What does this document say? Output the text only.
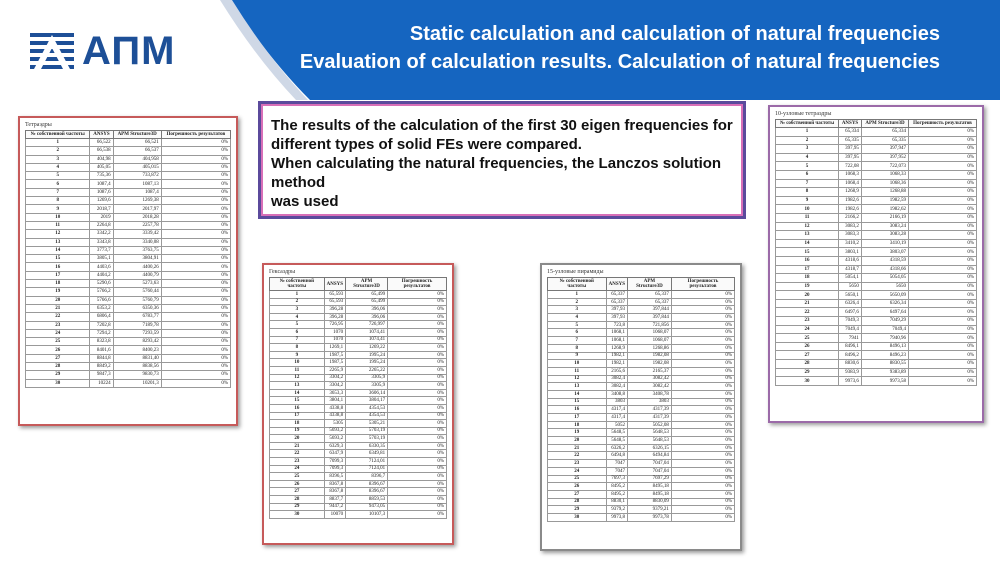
АПМ	Static calculation and calculation of natural frequencies
Evaluation of calculation results. Calculation of natural frequencies
The results of the calculation of the first 30 eigen frequencies for
different types of solid FEs were compared.
When calculating the natural frequencies, the Lanczos solution method
was used
Тетраэдры
№ собственной частоты	ANSYS	APM Structure3D	Погрешность результатов
1	66,522	66,521	0%
2	66,538	66,537	0%
3	404,98	404,958	0%
4	405,05	405,015	0%
5	735,36	733,872	0%
6	1087,4	1087,13	0%
7	1087,6	1087,4	0%
8	1269,6	1269,38	0%
9	2018,7	2017,97	0%
10	2019	2018,28	0%
11	2264,8	2257,78	0%
12	3342,2	3339,42	0%
13	3343,8	3340,08	0%
14	3773,7	3763,75	0%
15	3805,1	3804,91	0%
16	4403,6	4400,26	0%
17	4404,2	4400,79	0%
18	5290,6	5273,63	0%
19	5766,2	5760,44	0%
20	5766,6	5760,79	0%
21	6353,2	6350,36	0%
22	6806,4	6783,77	0%
23	7202,8	7189,78	0%
24	7294,2	7293,59	0%
25	8323,8	8293,42	0%
26	8401,6	8400,23	0%
27	8844,8	8831,40	0%
28	8849,2	8838,56	0%
29	9847,3	9830,73	0%
30	10224	10201,3	0%
Гексаэдры
№ собственной частоты	ANSYS	APM Structure3D	Погрешность результатов
1	65,593	65,499	0%
2	65,593	65,499	0%
3	396,28	396,06	0%
4	396,28	396,06	0%
5	726,95	726,997	0%
6	1070	1074,41	0%
7	1070	1074,41	0%
8	1269,1	1269,22	0%
9	1987,5	1995,24	0%
10	1987,5	1995,24	0%
11	2265,9	2265,22	0%
12	3304,2	3305,9	0%
13	3304,2	3305,9	0%
14	3653,3	3606,14	0%
15	3804,1	3804,17	0%
16	4338,8	4354,53	0%
17	4338,8	4354,53	0%
18	5305	5305,21	0%
19	5693,2	5703,19	0%
20	5693,2	5703,19	0%
21	6329,3	6330,35	0%
22	6347,9	6349,81	0%
23	7099,3	7124,01	0%
24	7099,3	7124,01	0%
25	8396,5	8396,7	0%
26	8367,8	8396,67	0%
27	8367,8	8396,67	0%
28	8837,7	8859,53	0%
29	9447,2	9473,05	0%
30	10070	10107,3	0%
15-узловые пирамиды
№ собственной частоты	ANSYS	APM Structure3D	Погрешность результатов
1	65,337	65,337	0%
2	65,337	65,337	0%
3	397,93	397,844	0%
4	397,93	397,844	0%
5	723,8	721,856	0%
6	1068,1	1068,07	0%
7	1068,1	1068,07	0%
8	1268,9	1268,86	0%
9	1982,1	1982,08	0%
10	1982,1	1982,08	0%
11	2165,6	2165,37	0%
12	3082,4	3082,42	0%
13	3082,4	3082,42	0%
14	3408,8	3408,78	0%
15	3803	3803	0%
16	4317,4	4317,39	0%
17	4317,4	4317,39	0%
18	5052	5052,08	0%
19	5648,5	5648,53	0%
20	5648,5	5648,53	0%
21	6326,2	6326,15	0%
22	6494,8	6494,84	0%
23	7047	7047,04	0%
24	7047	7047,04	0%
25	7697,3	7697,29	0%
26	8495,2	8495,18	0%
27	8495,2	8495,18	0%
28	8830,1	8830,09	0%
29	9379,2	9379,21	0%
30	9973,8	9973,78	0%
10-узловые тетраэдры
№ собственной частоты	ANSYS	APM Structure3D	Погрешность результатов
1	65,334	65,334	0%
2	65,335	65,335	0%
3	397,95	397,947	0%
4	397,95	397,952	0%
5	722,08	722,073	0%
6	1068,3	1068,33	0%
7	1068,4	1068,36	0%
8	1268,9	1268,88	0%
9	1982,6	1982,59	0%
10	1982,6	1982,62	0%
11	2166,2	2166,19	0%
12	3083,2	3083,24	0%
13	3083,3	3083,28	0%
14	3410,2	3410,19	0%
15	3803,1	3803,07	0%
16	4318,6	4318,59	0%
17	4318,7	4318,66	0%
18	5054,1	5054,05	0%
19	5650	5650	0%
20	5650,1	5650,09	0%
21	6326,4	6326,34	0%
22	6497,6	6497,64	0%
23	7049,3	7049,29	0%
24	7049,4	7049,4	0%
25	7941	7940,96	0%
26	8496,1	8496,13	0%
27	8496,2	8496,23	0%
28	8830,6	8830,55	0%
29	9383,9	9383,89	0%
30	9973,6	9973,58	0%
